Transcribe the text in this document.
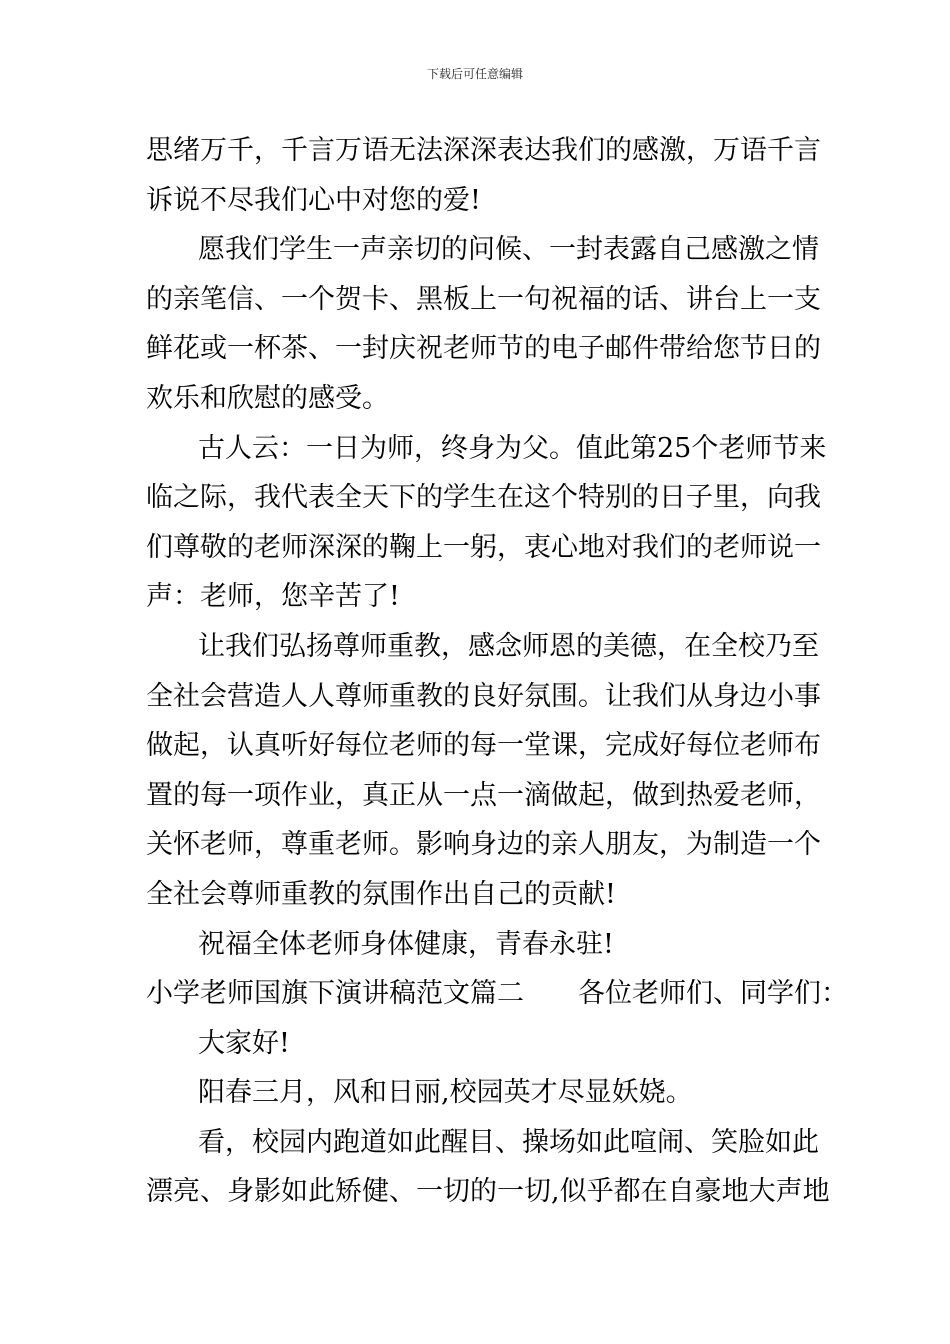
下载后可任意编辑
思绪万千，千言万语无法深深表达我们的感激，万语千言
诉说不尽我们心中对您的爱!
愿我们学生一声亲切的问候、一封表露自己感激之情
的亲笔信、一个贺卡、黑板上一句祝福的话、讲台上一支
鲜花或一杯茶、一封庆祝老师节的电子邮件带给您节日的
欢乐和欣慰的感受。
古人云：一日为师，终身为父。值此第25个老师节来
临之际，我代表全天下的学生在这个特别的日子里，向我
们尊敬的老师深深的鞠上一躬，衷心地对我们的老师说一
声：老师，您辛苦了!
让我们弘扬尊师重教，感念师恩的美德，在全校乃至
全社会营造人人尊师重教的良好氛围。让我们从身边小事
做起，认真听好每位老师的每一堂课，完成好每位老师布
置的每一项作业，真正从一点一滴做起，做到热爱老师，
关怀老师，尊重老师。影响身边的亲人朋友，为制造一个
全社会尊师重教的氛围作出自己的贡献!
祝福全体老师身体健康，青春永驻!
小学老师国旗下演讲稿范文篇二 各位老师们、同学们：
大家好!
阳春三月，风和日丽,校园英才尽显妖娆。
看，校园内跑道如此醒目、操场如此喧闹、笑脸如此
漂亮、身影如此矫健、一切的一切,似乎都在自豪地大声地
